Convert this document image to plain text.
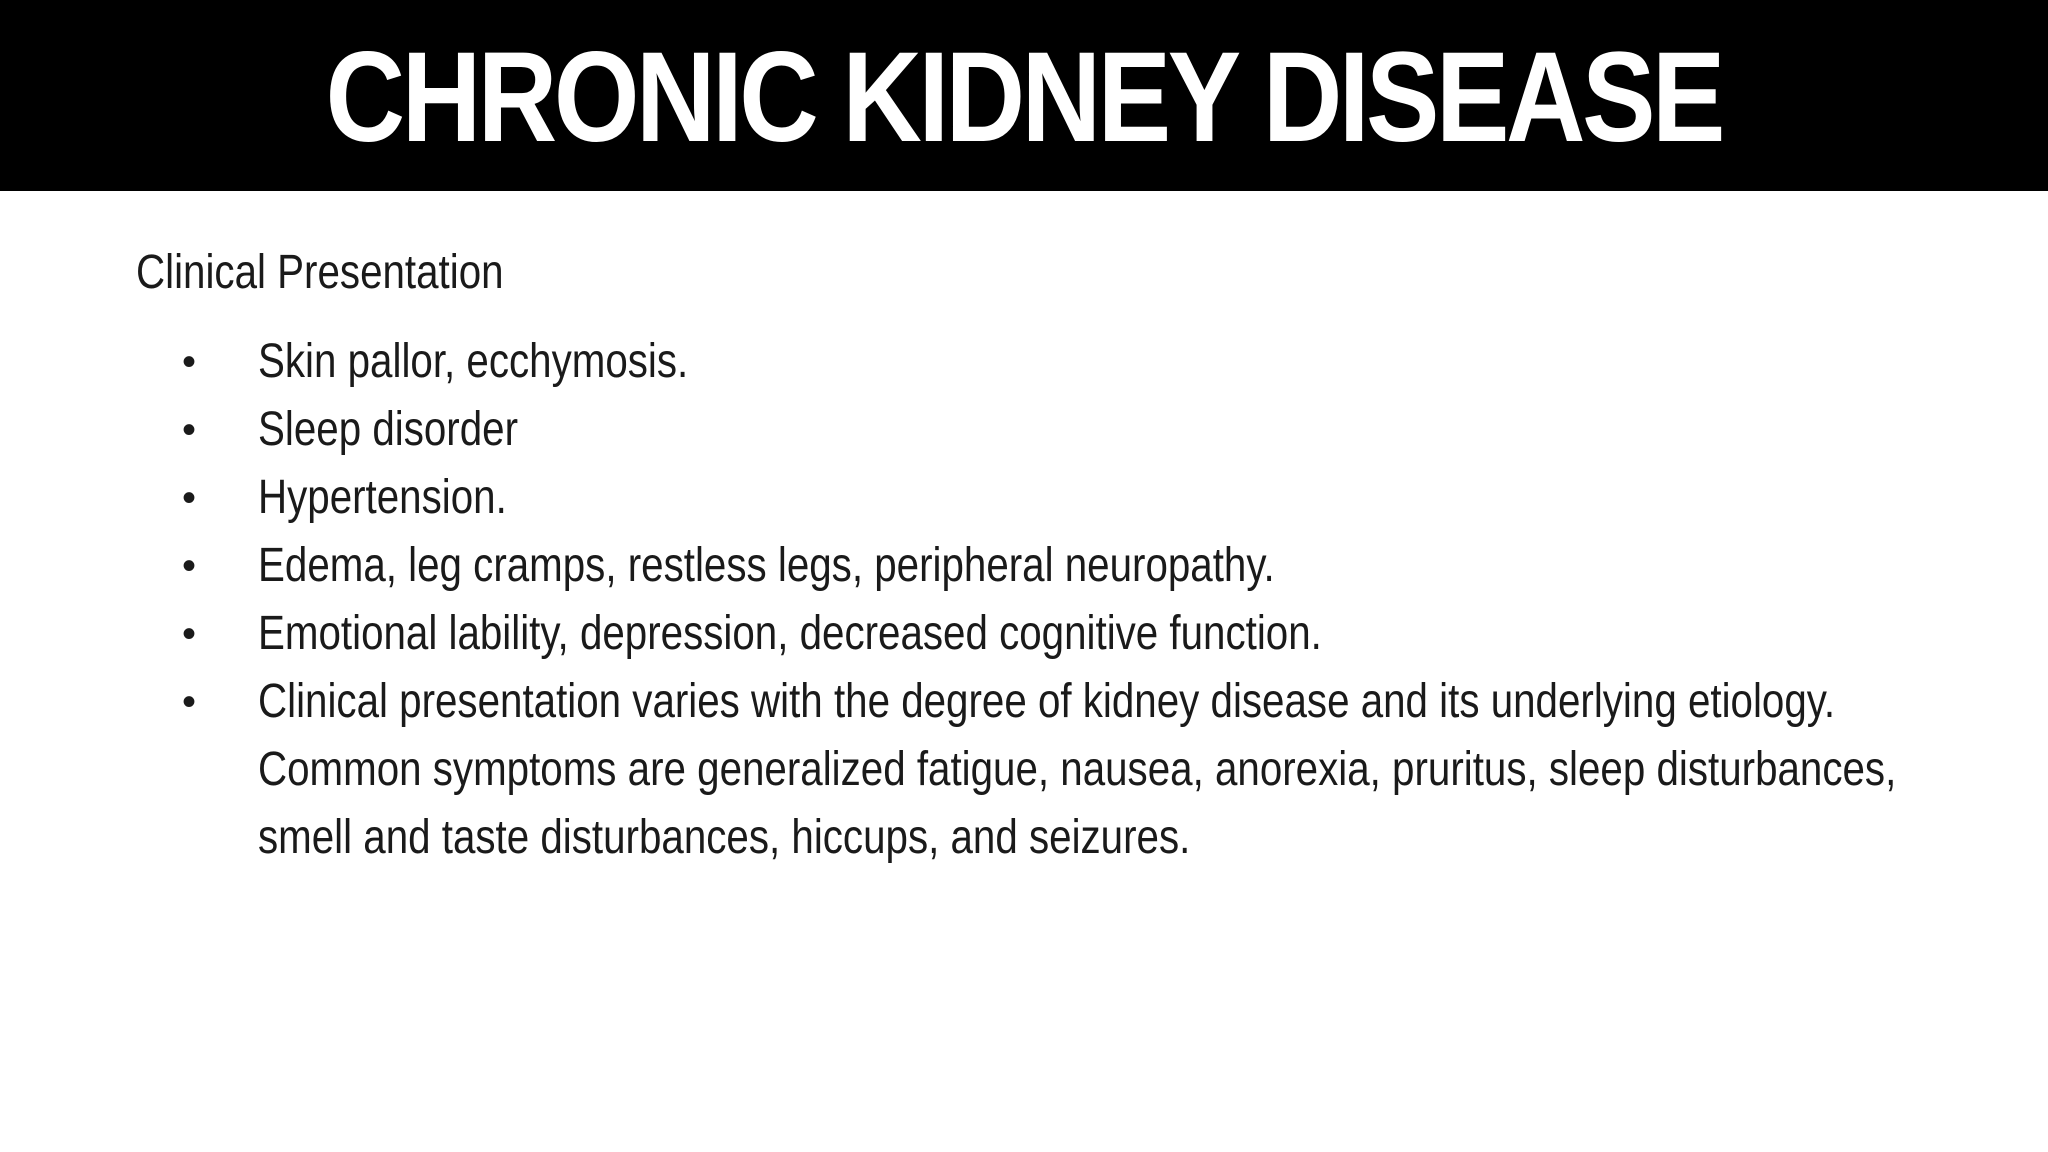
CHRONIC KIDNEY DISEASE
Clinical Presentation
• Skin pallor, ecchymosis.
• Sleep disorder
• Hypertension.
• Edema, leg cramps, restless legs, peripheral neuropathy.
• Emotional lability, depression, decreased cognitive function.
• Clinical presentation varies with the degree of kidney disease and its underlying etiology. Common symptoms are generalized fatigue, nausea, anorexia, pruritus, sleep disturbances, smell and taste disturbances, hiccups, and seizures.
